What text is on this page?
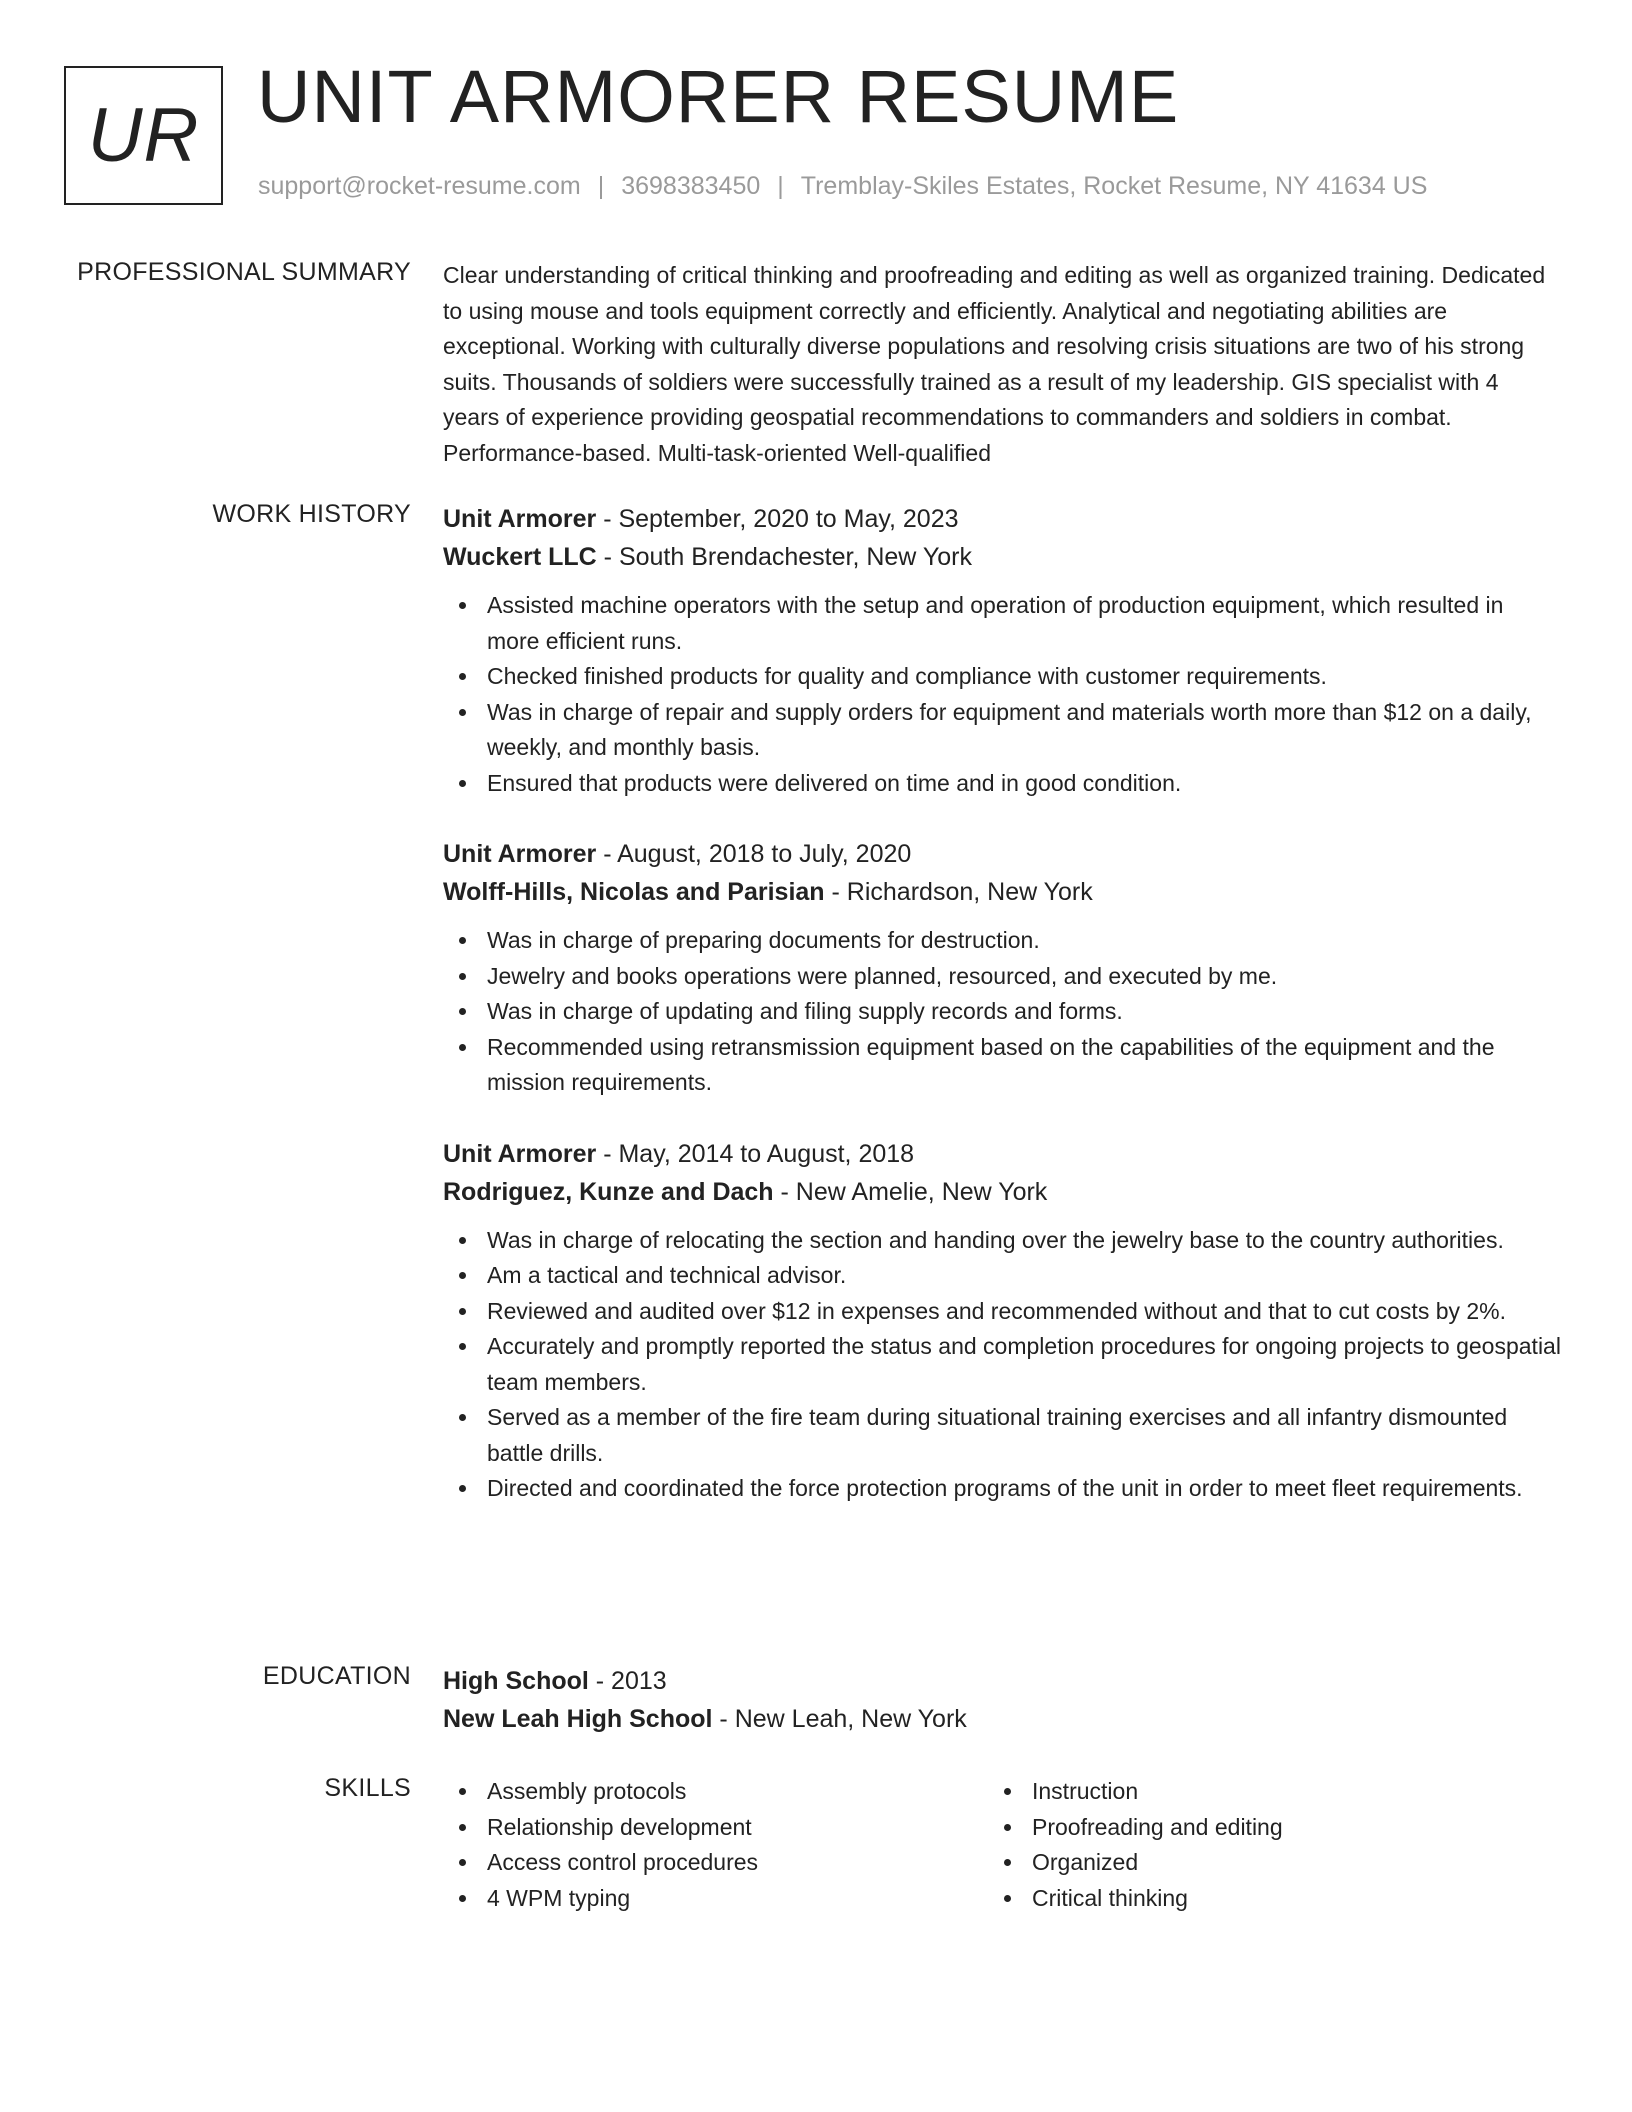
UR UNIT ARMORER RESUME
support@rocket-resume.com | 3698383450 | Tremblay-Skiles Estates, Rocket Resume, NY 41634 US
PROFESSIONAL SUMMARY Clear understanding of critical thinking and proofreading and editing as well as organized training. Dedicated to using mouse and tools equipment correctly and efficiently. Analytical and negotiating abilities are exceptional. Working with culturally diverse populations and resolving crisis situations are two of his strong suits. Thousands of soldiers were successfully trained as a result of my leadership. GIS specialist with 4 years of experience providing geospatial recommendations to commanders and soldiers in combat. Performance-based. Multi-task-oriented Well-qualified

WORK HISTORY Unit Armorer - September, 2020 to May, 2023
Wuckert LLC - South Brendachester, New York
Assisted machine operators with the setup and operation of production equipment, which resulted in more efficient runs.
Checked finished products for quality and compliance with customer requirements.
Was in charge of repair and supply orders for equipment and materials worth more than $12 on a daily, weekly, and monthly basis.
Ensured that products were delivered on time and in good condition.
Unit Armorer - August, 2018 to July, 2020
Wolff-Hills, Nicolas and Parisian - Richardson, New York
Was in charge of preparing documents for destruction.
Jewelry and books operations were planned, resourced, and executed by me.
Was in charge of updating and filing supply records and forms.
Recommended using retransmission equipment based on the capabilities of the equipment and the mission requirements.
Unit Armorer - May, 2014 to August, 2018
Rodriguez, Kunze and Dach - New Amelie, New York
Was in charge of relocating the section and handing over the jewelry base to the country authorities.
Am a tactical and technical advisor.
Reviewed and audited over $12 in expenses and recommended without and that to cut costs by 2%.
Accurately and promptly reported the status and completion procedures for ongoing projects to geospatial team members.
Served as a member of the fire team during situational training exercises and all infantry dismounted battle drills.
Directed and coordinated the force protection programs of the unit in order to meet fleet requirements.
EDUCATION High School - 2013
New Leah High School - New Leah, New York
SKILLS	Assembly protocols
Relationship development
Access control procedures
4 WPM typing
Instruction
Proofreading and editing
Organized
Critical thinking
